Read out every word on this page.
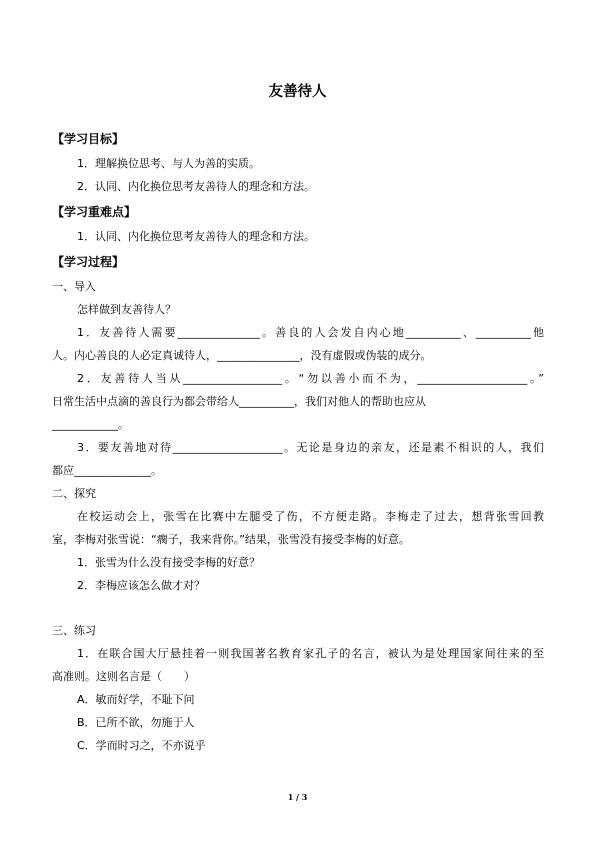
友善待人
【学习目标】
1．理解换位思考、与人为善的实质。
2．认同、内化换位思考友善待人的理念和方法。
【学习重难点】
1．认同、内化换位思考友善待人的理念和方法。
【学习过程】
一、导入
怎样做到友善待人？
1．友善待人需要_______________。善良的人会发自内心地__________、__________他
人。内心善良的人必定真诚待人，_______________，没有虚假或伪装的成分。
2．友善待人当从__________________。“勿以善小而不为，____________________。”
日常生活中点滴的善良行为都会带给人__________，我们对他人的帮助也应从
____________。
3．要友善地对待____________________。无论是身边的亲友，还是素不相识的人，我们
都应______________。
二、探究
在校运动会上，张雪在比赛中左腿受了伤，不方便走路。李梅走了过去，想背张雪回教
室，李梅对张雪说：“瘸子，我来背你。”结果，张雪没有接受李梅的好意。
1．张雪为什么没有接受李梅的好意？
2．李梅应该怎么做才对？
三、练习
1．在联合国大厅悬挂着一则我国著名教育家孔子的名言，被认为是处理国家间往来的至
高准则。这则名言是（　　）
A．敏而好学，不耻下问
B．已所不欲，勿施于人
C．学而时习之，不亦说乎
1 / 3
